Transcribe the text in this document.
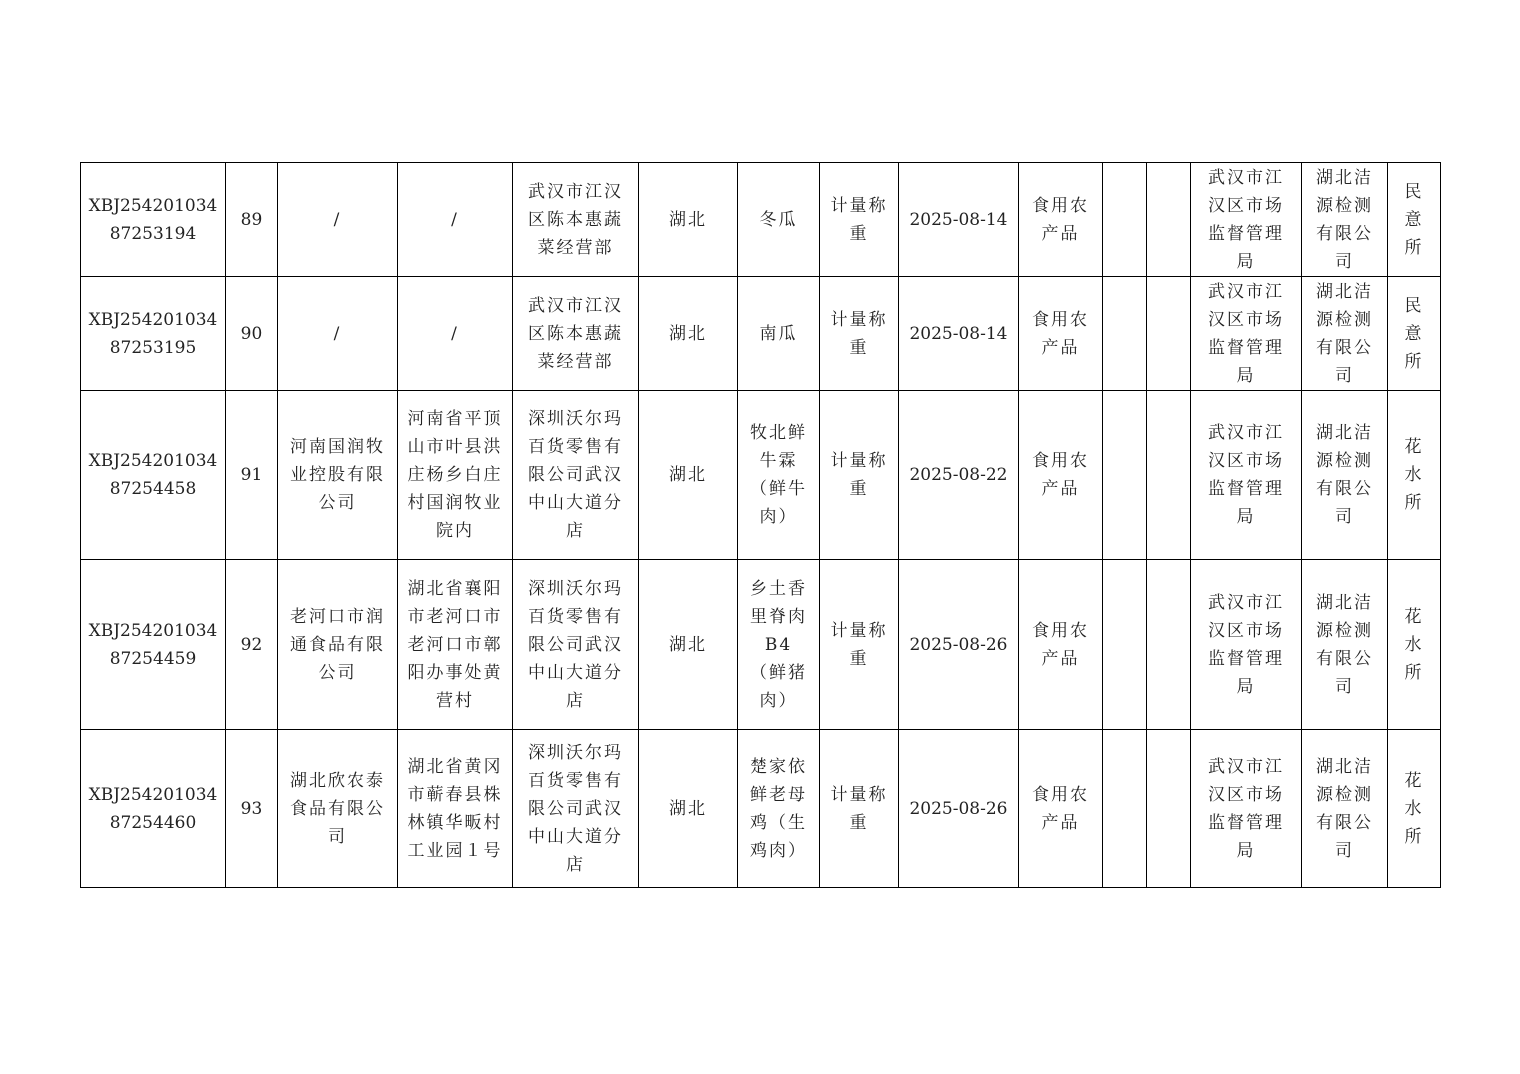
XBJ25420103487253194	89	/	/	武汉市江汉区陈本惠蔬菜经营部	湖北	冬瓜	计量称重	2025-08-14	食用农产品			武汉市江汉区市场监督管理局	湖北洁源检测有限公司	民意所
XBJ25420103487253195	90	/	/	武汉市江汉区陈本惠蔬菜经营部	湖北	南瓜	计量称重	2025-08-14	食用农产品			武汉市江汉区市场监督管理局	湖北洁源检测有限公司	民意所
XBJ25420103487254458	91	河南国润牧业控股有限公司	河南省平顶山市叶县洪庄杨乡白庄村国润牧业院内	深圳沃尔玛百货零售有限公司武汉中山大道分店	湖北	牧北鲜牛霖（鲜牛肉）	计量称重	2025-08-22	食用农产品			武汉市江汉区市场监督管理局	湖北洁源检测有限公司	花水所
XBJ25420103487254459	92	老河口市润通食品有限公司	湖北省襄阳市老河口市老河口市鄣阳办事处黄营村	深圳沃尔玛百货零售有限公司武汉中山大道分店	湖北	乡土香里脊肉B4（鲜猪肉）	计量称重	2025-08-26	食用农产品			武汉市江汉区市场监督管理局	湖北洁源检测有限公司	花水所
XBJ25420103487254460	93	湖北欣农泰食品有限公司	湖北省黄冈市蕲春县株林镇华畈村工业园１号	深圳沃尔玛百货零售有限公司武汉中山大道分店	湖北	楚家依鲜老母鸡（生鸡肉）	计量称重	2025-08-26	食用农产品			武汉市江汉区市场监督管理局	湖北洁源检测有限公司	花水所
